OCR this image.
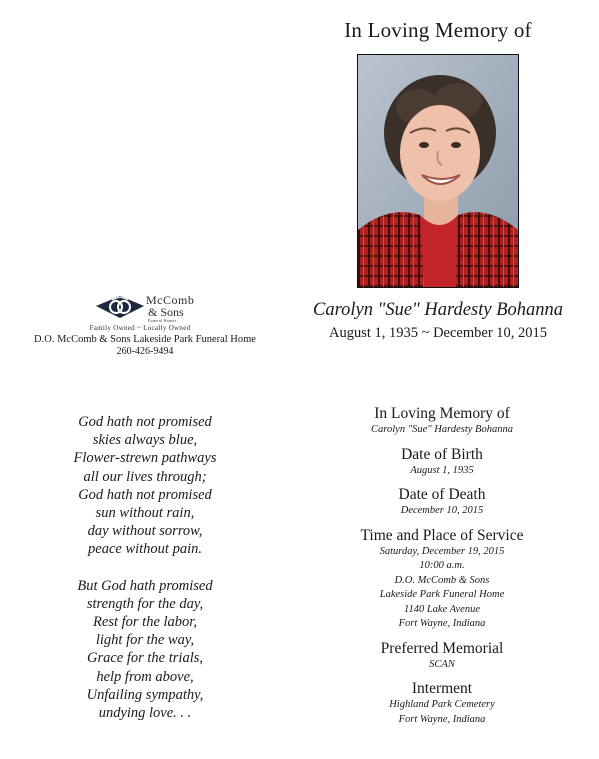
In Loving Memory of
Carolyn "Sue" Hardesty Bohanna
August 1, 1935 ~ December 10, 2015
McComb
& Sons
Funeral Homes
Family Owned ~ Locally Owned
D.O. McComb & Sons Lakeside Park Funeral Home
260-426-9494
God hath not promised
skies always blue,
Flower-strewn pathways
all our lives through;
God hath not promised
sun without rain,
day without sorrow,
peace without pain.
But God hath promised
strength for the day,
Rest for the labor,
light for the way,
Grace for the trials,
help from above,
Unfailing sympathy,
undying love. . .
In Loving Memory of
Carolyn "Sue" Hardesty Bohanna
Date of Birth
August 1, 1935
Date of Death
December 10, 2015
Time and Place of Service
Saturday, December 19, 2015
10:00 a.m.
D.O. McComb & Sons
Lakeside Park Funeral Home
1140 Lake Avenue
Fort Wayne, Indiana
Preferred Memorial
SCAN
Interment
Highland Park Cemetery
Fort Wayne, Indiana
